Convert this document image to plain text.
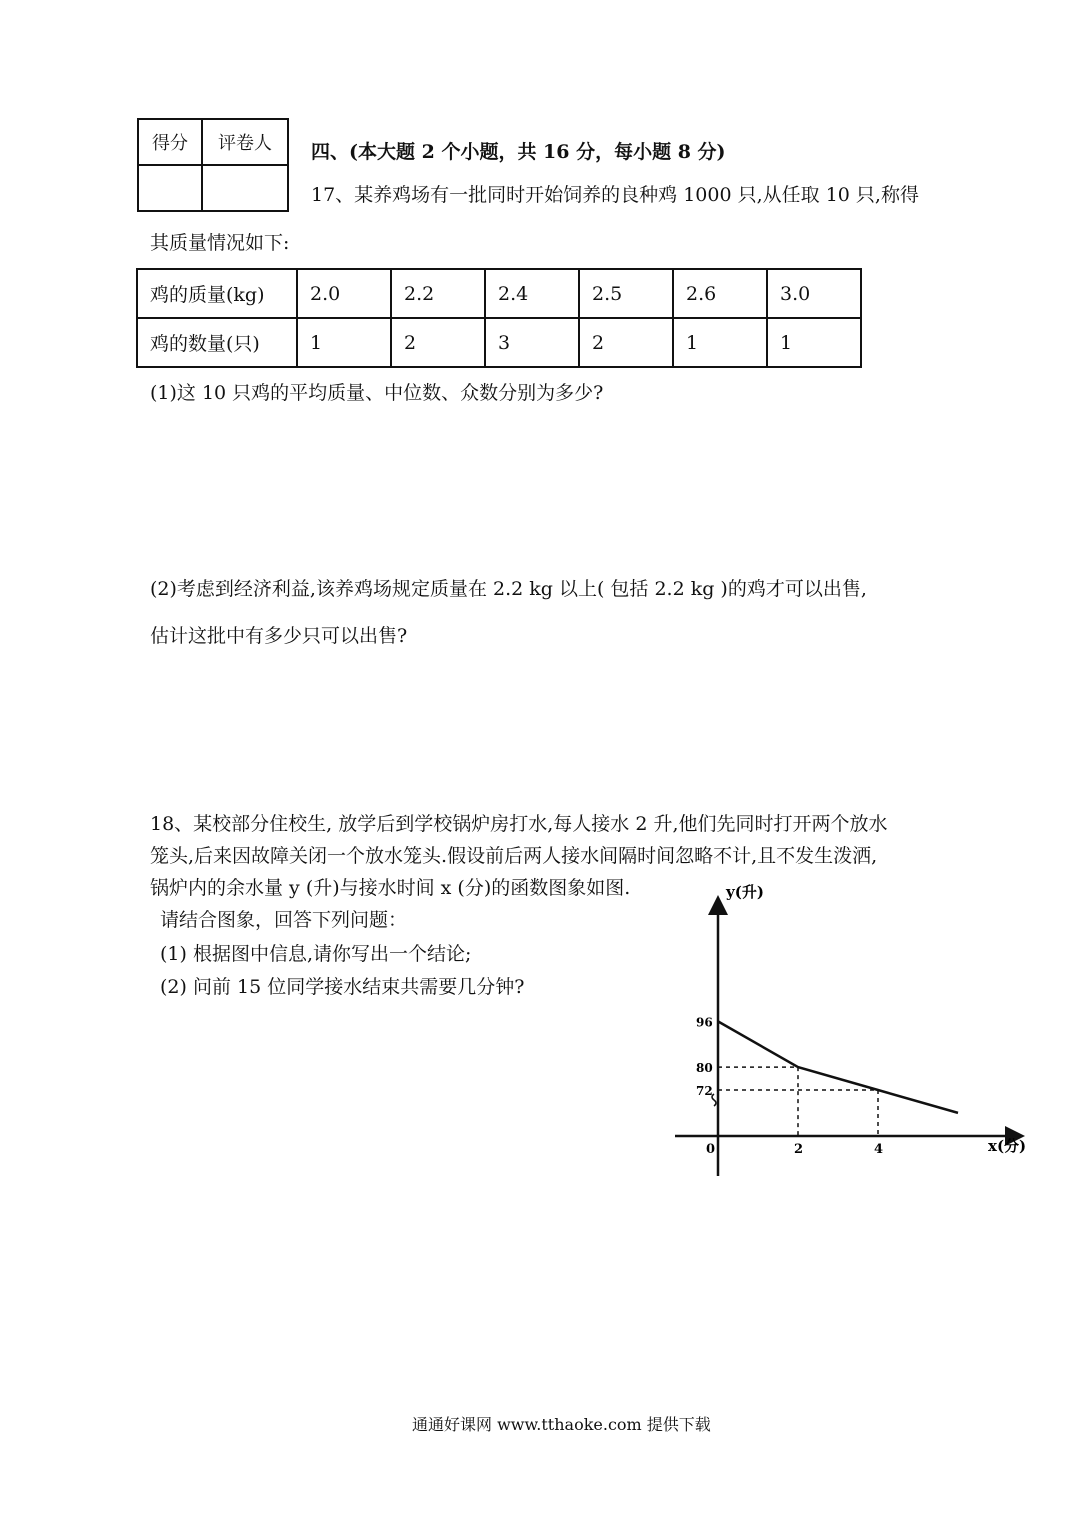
得分	评卷人
	四、(本大题 2 个小题，共 16 分，每小题 8 分)
17、某养鸡场有一批同时开始饲养的良种鸡 1000 只,从任取 10 只,称得
其质量情况如下:
鸡的质量(kg)	2.0	2.2	2.4	2.5	2.6	3.0
鸡的数量(只)	1	2	3	2	1	1
(1)这 10 只鸡的平均质量、中位数、众数分别为多少?
(2)考虑到经济利益,该养鸡场规定质量在 2.2 kg 以上( 包括 2.2 kg )的鸡才可以出售,
估计这批中有多少只可以出售?
18、某校部分住校生, 放学后到学校锅炉房打水,每人接水 2 升,他们先同时打开两个放水
笼头,后来因故障关闭一个放水笼头.假设前后两人接水间隔时间忽略不计,且不发生泼洒,
锅炉内的余水量 y (升)与接水时间 x (分)的函数图象如图.
请结合图象，回答下列问题：
(1) 根据图中信息,请你写出一个结论;
(2) 问前 15 位同学接水结束共需要几分钟?
y(升)
x(分)
0
96
80
72
2	4
通通好课网 www.tthaoke.com 提供下载
